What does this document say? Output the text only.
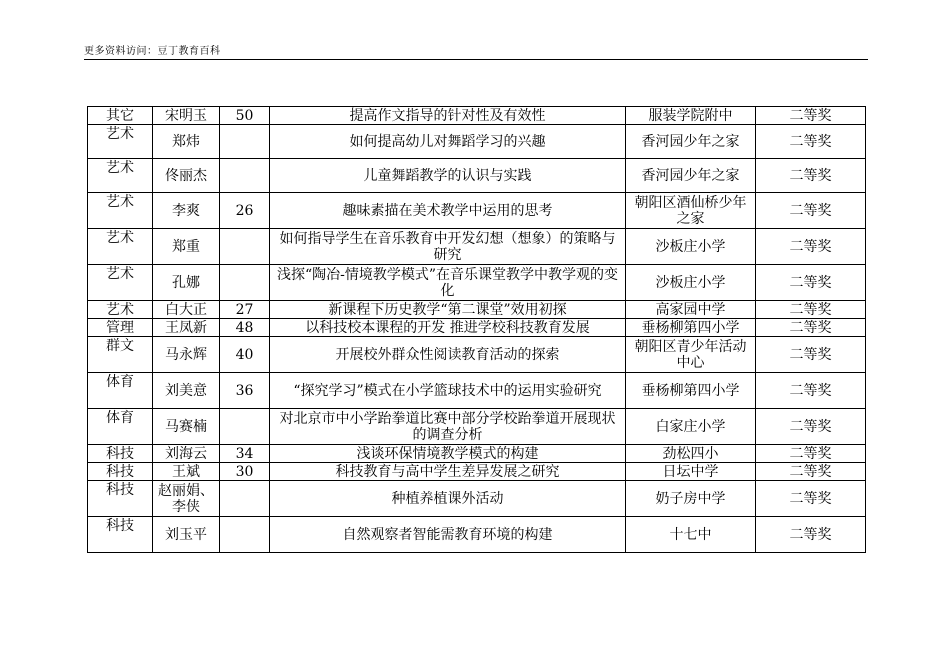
更多资料访问：豆丁教育百科
其它	宋明玉	50	提高作文指导的针对性及有效性	服装学院附中	二等奖
艺术	郑炜		如何提高幼儿对舞蹈学习的兴趣	香河园少年之家	二等奖
艺术	佟丽杰		儿童舞蹈教学的认识与实践	香河园少年之家	二等奖
艺术	李爽	26	趣味素描在美术教学中运用的思考	朝阳区酒仙桥少年之家	二等奖
艺术	郑重		如何指导学生在音乐教育中开发幻想（想象）的策略与研究	沙板庄小学	二等奖
艺术	孔娜		浅探“陶冶-情境教学模式”在音乐课堂教学中教学观的变化	沙板庄小学	二等奖
艺术	白大正	27	新课程下历史教学“第二课堂”效用初探	高家园中学	二等奖
管理	王凤新	48	以科技校本课程的开发 推进学校科技教育发展	垂杨柳第四小学	二等奖
群文	马永辉	40	开展校外群众性阅读教育活动的探索	朝阳区青少年活动中心	二等奖
体育	刘美意	36	“探究学习”模式在小学篮球技术中的运用实验研究	垂杨柳第四小学	二等奖
体育	马赛楠		对北京市中小学跆拳道比赛中部分学校跆拳道开展现状的调查分析	白家庄小学	二等奖
科技	刘海云	34	浅谈环保情境教学模式的构建	劲松四小	二等奖
科技	王斌	30	科技教育与高中学生差异发展之研究	日坛中学	二等奖
科技	赵丽娟、李侠		种植养植课外活动	奶子房中学	二等奖
科技	刘玉平		自然观察者智能需教育环境的构建	十七中	二等奖
